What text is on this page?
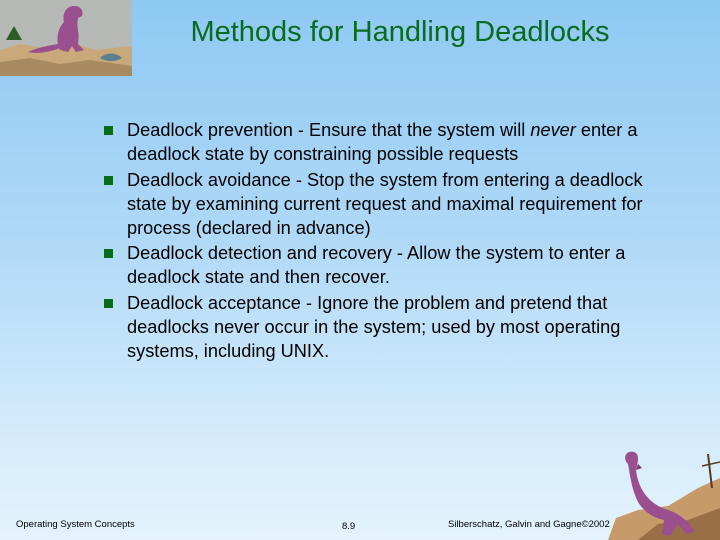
Methods for Handling Deadlocks
Deadlock prevention - Ensure that the system will never enter a deadlock state by constraining possible requests
Deadlock avoidance - Stop the system from entering a deadlock state by examining current request and maximal requirement for process (declared in advance)
Deadlock detection and recovery - Allow the system to enter a deadlock state and then recover.
Deadlock acceptance - Ignore the problem and pretend that deadlocks never occur in the system; used by most operating systems, including UNIX.
Operating System Concepts	8.9	Silberschatz, Galvin and Gagne©2002
